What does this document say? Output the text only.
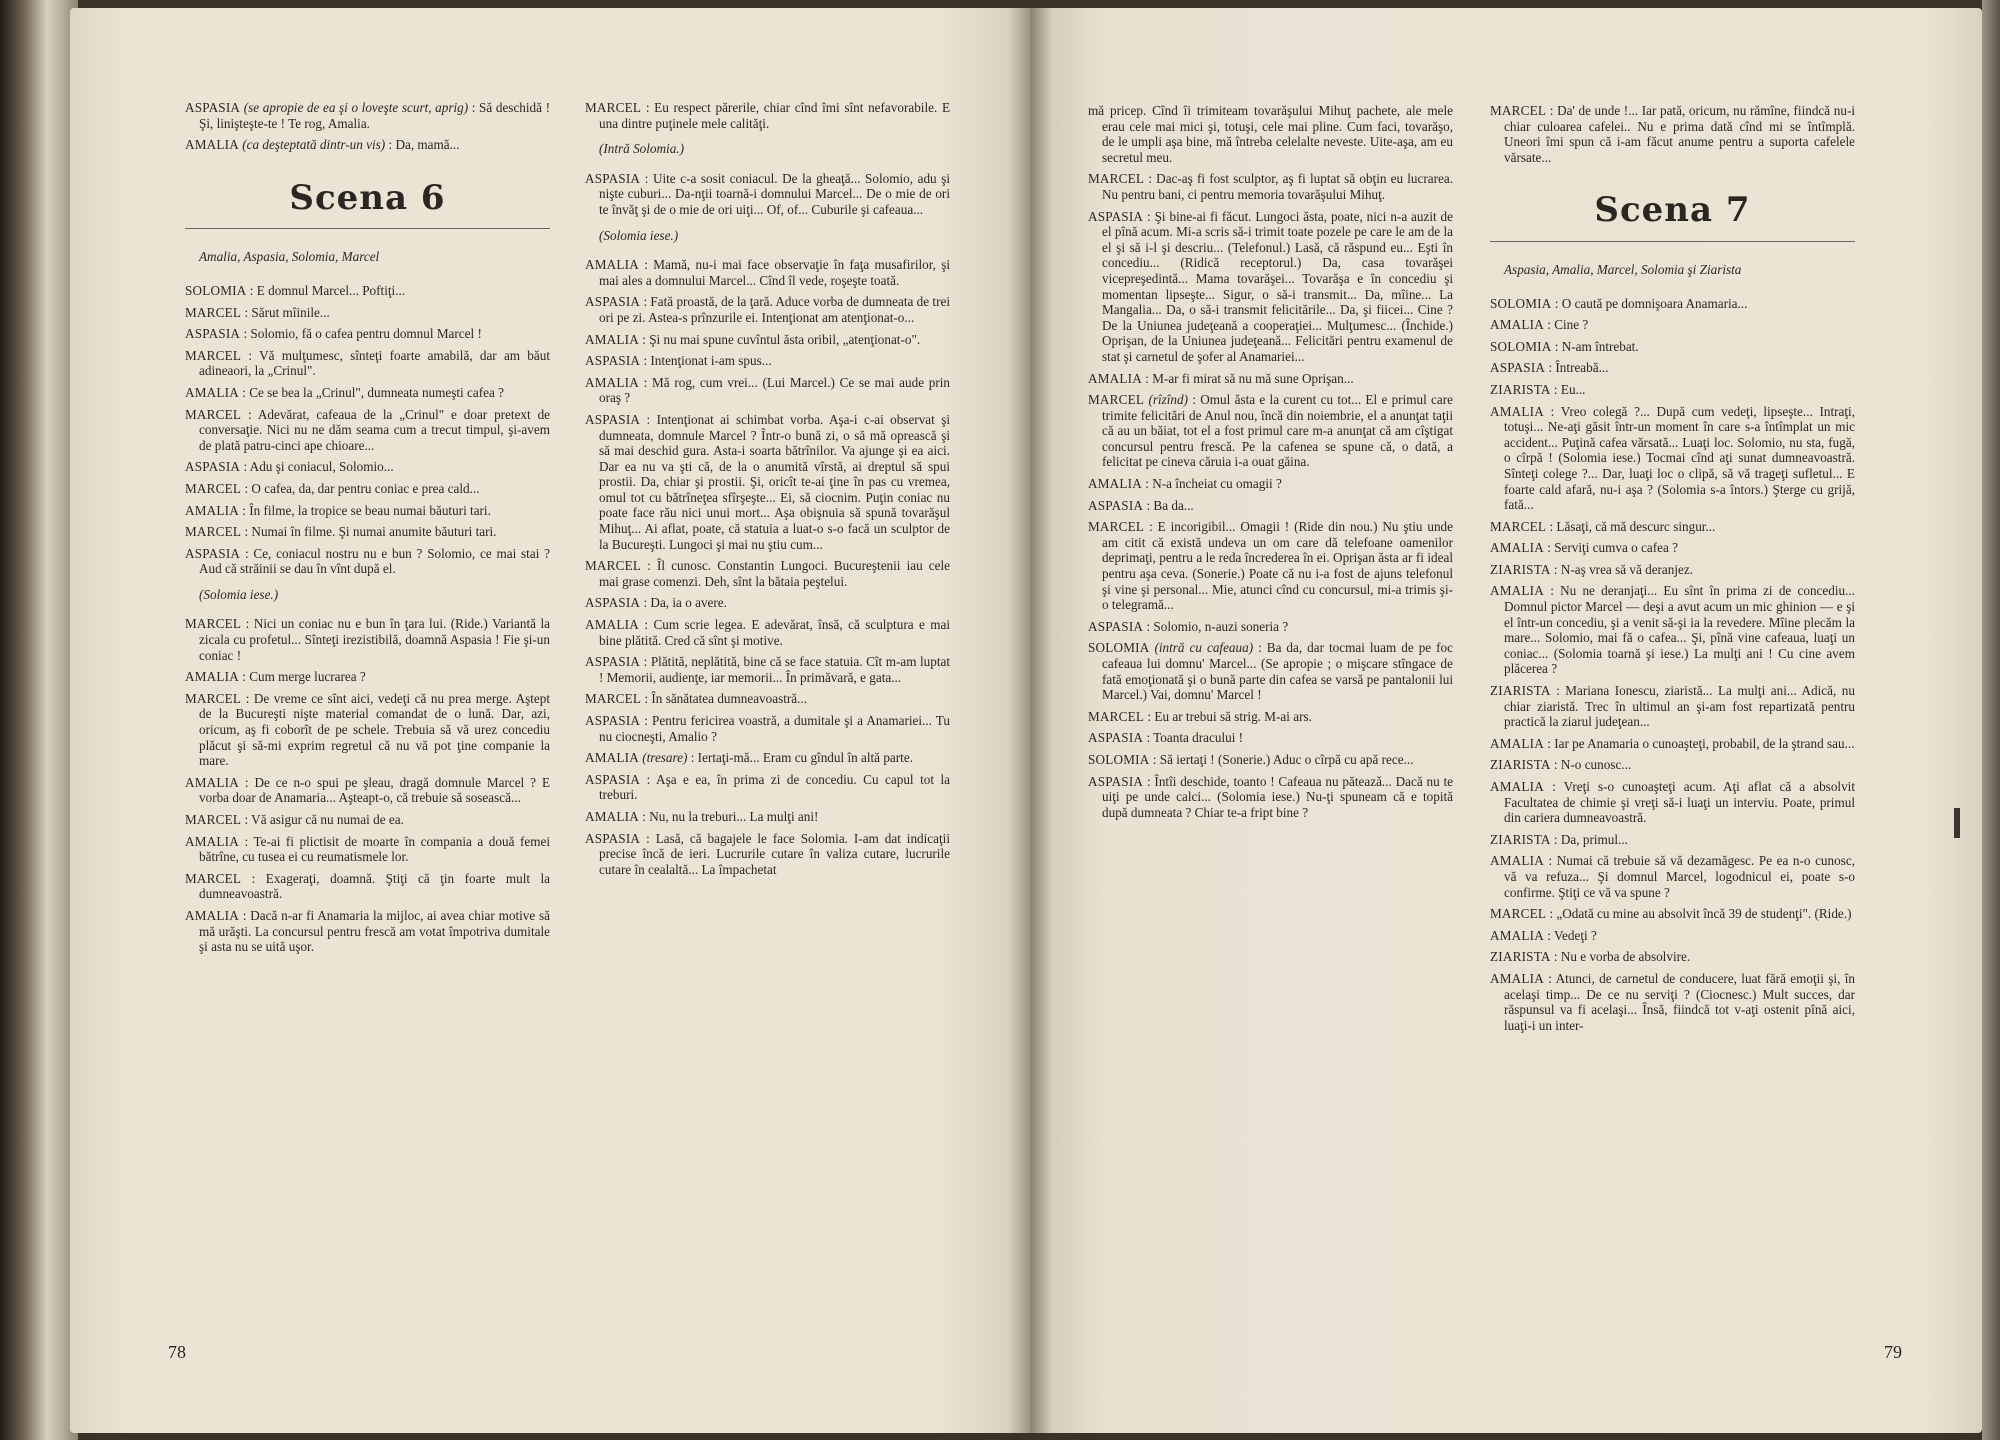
ASPASIA (se apropie de ea şi o loveşte scurt, aprig) : Să deschidă ! Şi, linişteşte-te ! Te rog, Amalia.

AMALIA (ca deşteptată dintr-un vis) : Da, mamă...

Scena 6
Amalia, Aspasia, Solomia, Marcel

SOLOMIA : E domnul Marcel... Poftiţi...

MARCEL : Sărut mîinile...

ASPASIA : Solomio, fă o cafea pentru domnul Marcel !

MARCEL : Vă mulţumesc, sînteţi foarte amabilă, dar am băut adineaori, la „Crinul".

AMALIA : Ce se bea la „Crinul", dumneata numeşti cafea ?

MARCEL : Adevărat, cafeaua de la „Crinul" e doar pretext de conversaţie. Nici nu ne dăm seama cum a trecut timpul, şi-avem de plată patru-cinci ape chioare...

ASPASIA : Adu şi coniacul, Solomio...

MARCEL : O cafea, da, dar pentru coniac e prea cald...

AMALIA : În filme, la tropice se beau numai băuturi tari.

MARCEL : Numai în filme. Şi numai anumite băuturi tari.

ASPASIA : Ce, coniacul nostru nu e bun ? Solomio, ce mai stai ? Aud că străinii se dau în vînt după el.

(Solomia iese.)

MARCEL : Nici un coniac nu e bun în ţara lui. (Ride.) Variantă la zicala cu profetul... Sînteţi irezistibilă, doamnă Aspasia ! Fie şi-un coniac !

AMALIA : Cum merge lucrarea ?

MARCEL : De vreme ce sînt aici, vedeţi că nu prea merge. Aştept de la Bucureşti nişte material comandat de o lună. Dar, azi, oricum, aş fi coborît de pe schele. Trebuia să vă urez concediu plăcut şi să-mi exprim regretul că nu vă pot ţine companie la mare.

AMALIA : De ce n-o spui pe şleau, dragă domnule Marcel ? E vorba doar de Anamaria... Aşteapt-o, că trebuie să sosească...

MARCEL : Vă asigur că nu numai de ea.

AMALIA : Te-ai fi plictisit de moarte în compania a două femei bătrîne, cu tusea ei cu reumatismele lor.

MARCEL : Exageraţi, doamnă. Ştiţi că ţin foarte mult la dumneavoastră.

AMALIA : Dacă n-ar fi Anamaria la mijloc, ai avea chiar motive să mă urăşti. La concursul pentru frescă am votat împotriva dumitale şi asta nu se uită uşor.

MARCEL : Eu respect părerile, chiar cînd îmi sînt nefavorabile. E una dintre puţinele mele calităţi.

(Intră Solomia.)

ASPASIA : Uite c-a sosit coniacul. De la gheaţă... Solomio, adu şi nişte cuburi... Da-nţii toarnă-i domnului Marcel... De o mie de ori te învăţ şi de o mie de ori uiţi... Of, of... Cuburile şi cafeaua...

(Solomia iese.)

AMALIA : Mamă, nu-i mai face observaţie în faţa musafirilor, şi mai ales a domnului Marcel... Cînd îl vede, roşeşte toată.

ASPASIA : Fată proastă, de la ţară. Aduce vorba de dumneata de trei ori pe zi. Astea-s prînzurile ei. Intenţionat am atenţionat-o...

AMALIA : Şi nu mai spune cuvîntul ăsta oribil, „atenţionat-o".

ASPASIA : Intenţionat i-am spus...

AMALIA : Mă rog, cum vrei... (Lui Marcel.) Ce se mai aude prin oraş ?

ASPASIA : Intenţionat ai schimbat vorba. Aşa-i c-ai observat şi dumneata, domnule Marcel ? Într-o bună zi, o să mă oprească şi să mai deschid gura. Asta-i soarta bătrînilor. Va ajunge şi ea aici. Dar ea nu va şti că, de la o anumită vîrstă, ai dreptul să spui prostii. Da, chiar şi prostii. Şi, oricît te-ai ţine în pas cu vremea, omul tot cu bătrîneţea sfîrşeşte... Ei, să ciocnim. Puţin coniac nu poate face rău nici unui mort... Aşa obişnuia să spună tovarăşul Mihuţ... Ai aflat, poate, că statuia a luat-o s-o facă un sculptor de la Bucureşti. Lungoci şi mai nu ştiu cum...

MARCEL : Îl cunosc. Constantin Lungoci. Bucureştenii iau cele mai grase comenzi. Deh, sînt la bătaia peştelui.

ASPASIA : Da, ia o avere.

AMALIA : Cum scrie legea. E adevărat, însă, că sculptura e mai bine plătită. Cred că sînt şi motive.

ASPASIA : Plătită, neplătită, bine că se face statuia. Cît m-am luptat ! Memorii, audienţe, iar memorii... În primăvară, e gata...

MARCEL : În sănătatea dumneavoastră...

ASPASIA : Pentru fericirea voastră, a dumitale şi a Anamariei... Tu nu ciocneşti, Amalio ?

AMALIA (tresare) : Iertaţi-mă... Eram cu gîndul în altă parte.

ASPASIA : Aşa e ea, în prima zi de concediu. Cu capul tot la treburi.

AMALIA : Nu, nu la treburi... La mulţi ani!

ASPASIA : Lasă, că bagajele le face Solomia. I-am dat indicaţii precise încă de ieri. Lucrurile cutare în valiza cutare, lucrurile cutare în cealaltă... La împachetat

78

mă pricep. Cînd îi trimiteam tovarăşului Mihuţ pachete, ale mele erau cele mai mici şi, totuşi, cele mai pline. Cum faci, tovarăşo, de le umpli aşa bine, mă întreba celelalte neveste. Uite-aşa, am eu secretul meu.

MARCEL : Dac-aş fi fost sculptor, aş fi luptat să obţin eu lucrarea. Nu pentru bani, ci pentru memoria tovarăşului Mihuţ.

ASPASIA : Şi bine-ai fi făcut. Lungoci ăsta, poate, nici n-a auzit de el pînă acum. Mi-a scris să-i trimit toate pozele pe care le am de la el şi să i-l şi descriu... (Telefonul.) Lasă, că răspund eu... Eşti în concediu... (Ridică receptorul.) Da, casa tovarăşei vicepreşedintă... Mama tovarăşei... Tovarăşa e în concediu şi momentan lipseşte... Sigur, o să-i transmit... Da, mîine... La Mangalia... Da, o să-i transmit felicitările... Da, şi fiicei... Cine ? De la Uniunea judeţeană a cooperaţiei... Mulţumesc... (Închide.) Oprişan, de la Uniunea judeţeană... Felicitări pentru examenul de stat şi carnetul de şofer al Anamariei...

AMALIA : M-ar fi mirat să nu mă sune Oprişan...

MARCEL (rîzînd) : Omul ăsta e la curent cu tot... El e primul care trimite felicitări de Anul nou, încă din noiembrie, el a anunţat taţii că au un băiat, tot el a fost primul care m-a anunţat că am cîştigat concursul pentru frescă. Pe la cafenea se spune că, o dată, a felicitat pe cineva căruia i-a ouat găina.

AMALIA : N-a încheiat cu omagii ?

ASPASIA : Ba da...

MARCEL : E incorigibil... Omagii ! (Ride din nou.) Nu ştiu unde am citit că există undeva un om care dă telefoane oamenilor deprimaţi, pentru a le reda încrederea în ei. Oprişan ăsta ar fi ideal pentru aşa ceva. (Sonerie.) Poate că nu i-a fost de ajuns telefonul şi vine şi personal... Mie, atunci cînd cu concursul, mi-a trimis şi-o telegramă...

ASPASIA : Solomio, n-auzi soneria ?

SOLOMIA (intră cu cafeaua) : Ba da, dar tocmai luam de pe foc cafeaua lui domnu' Marcel... (Se apropie ; o mişcare stîngace de fată emoţionată şi o bună parte din cafea se varsă pe pantalonii lui Marcel.) Vai, domnu' Marcel !

MARCEL : Eu ar trebui să strig. M-ai ars.

ASPASIA : Toanta dracului !

SOLOMIA : Să iertaţi ! (Sonerie.) Aduc o cîrpă cu apă rece...

ASPASIA : Întîi deschide, toanto ! Cafeaua nu păteazǎ... Dacă nu te uiţi pe unde calci... (Solomia iese.) Nu-ţi spuneam că e topită după dumneata ? Chiar te-a fript bine ?

MARCEL : Da' de unde !... Iar pată, oricum, nu rămîne, fiindcă nu-i chiar culoarea cafelei.. Nu e prima dată cînd mi se întîmplă. Uneori îmi spun că i-am făcut anume pentru a suporta cafelele vărsate...

Scena 7
Aspasia, Amalia, Marcel, Solomia şi Ziarista

SOLOMIA : O caută pe domnişoara Anamaria...

AMALIA : Cine ?

SOLOMIA : N-am întrebat.

ASPASIA : Întreabă...

ZIARISTA : Eu...

AMALIA : Vreo colegă ?... După cum vedeţi, lipseşte... Intraţi, totuşi... Ne-aţi găsit într-un moment în care s-a întîmplat un mic accident... Puţină cafea vărsată... Luaţi loc. Solomio, nu sta, fugă, o cîrpă ! (Solomia iese.) Tocmai cînd aţi sunat dumneavoastră. Sînteţi colege ?... Dar, luaţi loc o clipă, să vă trageţi sufletul... E foarte cald afară, nu-i aşa ? (Solomia s-a întors.) Şterge cu grijă, fată...

MARCEL : Lăsaţi, că mă descurc singur...

AMALIA : Serviţi cumva o cafea ?

ZIARISTA : N-aş vrea să vă deranjez.

AMALIA : Nu ne deranjaţi... Eu sînt în prima zi de concediu... Domnul pictor Marcel — deşi a avut acum un mic ghinion — e şi el într-un concediu, şi a venit să-şi ia la revedere. Mîine plecăm la mare... Solomio, mai fă o cafea... Şi, pînă vine cafeaua, luaţi un coniac... (Solomia toarnă şi iese.) La mulţi ani ! Cu cine avem plăcerea ?

ZIARISTA : Mariana Ionescu, ziaristă... La mulţi ani... Adică, nu chiar ziaristă. Trec în ultimul an şi-am fost repartizată pentru practică la ziarul judeţean...

AMALIA : Iar pe Anamaria o cunoaşteţi, probabil, de la ştrand sau...

ZIARISTA : N-o cunosc...

AMALIA : Vreţi s-o cunoaşteţi acum. Aţi aflat că a absolvit Facultatea de chimie şi vreţi să-i luaţi un interviu. Poate, primul din cariera dumneavoastră.

ZIARISTA : Da, primul...

AMALIA : Numai că trebuie să vă dezamăgesc. Pe ea n-o cunosc, vă va refuza... Şi domnul Marcel, logodnicul ei, poate s-o confirme. Ştiţi ce vă va spune ?

MARCEL : „Odată cu mine au absolvit încă 39 de studenţi". (Ride.)

AMALIA : Vedeţi ?

ZIARISTA : Nu e vorba de absolvire.

AMALIA : Atunci, de carnetul de conducere, luat fără emoţii şi, în acelaşi timp... De ce nu serviţi ? (Ciocnesc.) Mult succes, dar răspunsul va fi acelaşi... Însă, fiindcă tot v-aţi ostenit pînă aici, luaţi-i un inter-

79
